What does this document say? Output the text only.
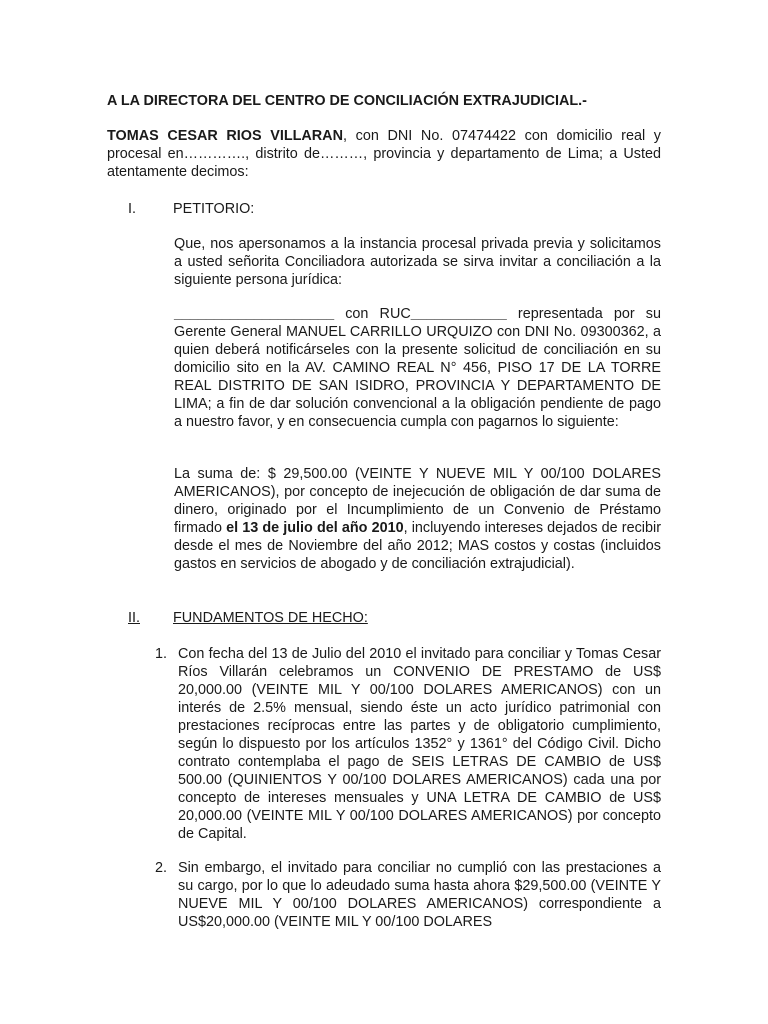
A LA DIRECTORA DEL CENTRO DE CONCILIACIÓN EXTRAJUDICIAL.-
TOMAS CESAR RIOS VILLARAN, con DNI No. 07474422 con domicilio real y procesal en…………., distrito de………, provincia y departamento de Lima; a Usted atentamente decimos:
I.	PETITORIO:
Que, nos apersonamos a la instancia procesal privada previa y solicitamos a usted señorita Conciliadora autorizada se sirva invitar a conciliación a la siguiente persona jurídica:
____________________ con RUC____________ representada por su Gerente General MANUEL CARRILLO URQUIZO con DNI No. 09300362, a quien deberá notificárseles con la presente solicitud de conciliación en su domicilio sito en la AV. CAMINO REAL N° 456, PISO 17 DE LA TORRE REAL DISTRITO DE SAN ISIDRO, PROVINCIA Y DEPARTAMENTO DE LIMA; a fin de dar solución convencional a la obligación pendiente de pago a nuestro favor, y en consecuencia cumpla con pagarnos lo siguiente:
La suma de: $ 29,500.00 (VEINTE Y NUEVE MIL Y 00/100 DOLARES AMERICANOS), por concepto de inejecución de obligación de dar suma de dinero, originado por el Incumplimiento de un Convenio de Préstamo firmado el 13 de julio del año 2010, incluyendo intereses dejados de recibir desde el mes de Noviembre del año 2012; MAS costos y costas (incluidos gastos en servicios de abogado y de conciliación extrajudicial).
II. FUNDAMENTOS DE HECHO:
1. Con fecha del 13 de Julio del 2010 el invitado para conciliar y Tomas Cesar Ríos Villarán celebramos un CONVENIO DE PRESTAMO de US$ 20,000.00 (VEINTE MIL Y 00/100 DOLARES AMERICANOS) con un interés de 2.5% mensual, siendo éste un acto jurídico patrimonial con prestaciones recíprocas entre las partes y de obligatorio cumplimiento, según lo dispuesto por los artículos 1352° y 1361° del Código Civil. Dicho contrato contemplaba el pago de SEIS LETRAS DE CAMBIO de US$ 500.00 (QUINIENTOS Y 00/100 DOLARES AMERICANOS) cada una por concepto de intereses mensuales y UNA LETRA DE CAMBIO de US$ 20,000.00 (VEINTE MIL Y 00/100 DOLARES AMERICANOS) por concepto de Capital.
2. Sin embargo, el invitado para conciliar no cumplió con las prestaciones a su cargo, por lo que lo adeudado suma hasta ahora $29,500.00 (VEINTE Y NUEVE MIL Y 00/100 DOLARES AMERICANOS) correspondiente a US$20,000.00 (VEINTE MIL Y 00/100 DOLARES
